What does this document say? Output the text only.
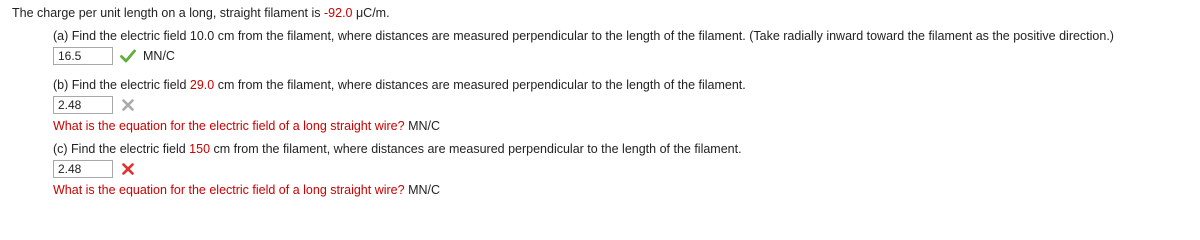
The charge per unit length on a long, straight filament is -92.0 μC/m.
(a) Find the electric field 10.0 cm from the filament, where distances are measured perpendicular to the length of the filament. (Take radially inward toward the filament as the positive direction.)
16.5	MN/C
(b) Find the electric field 29.0 cm from the filament, where distances are measured perpendicular to the length of the filament.
2.48
What is the equation for the electric field of a long straight wire? MN/C
(c) Find the electric field 150 cm from the filament, where distances are measured perpendicular to the length of the filament.
2.48
What is the equation for the electric field of a long straight wire? MN/C
